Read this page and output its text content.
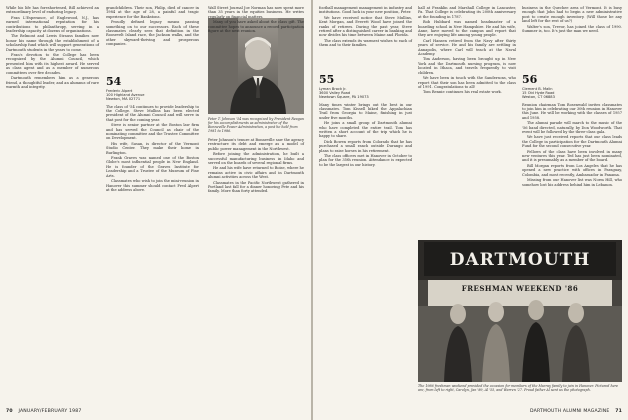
While his life has foreshortened, Bill achieved an extraordinary level of enduring legacy.

Fran L'Esperance, of Englewood, N.J., has earned international reputation for his contributions to philanthropy, serving in a leadership capacity at dozens of organizations.

The Belmont and Lewis Strauss families now honor his name through the establishment of a scholarship fund which will support generations of Dartmouth students in the years to come.

Fran's devotion to the College has been recognized by the Alumni Council, which presented him with its highest award. He served as class agent and as a member of numerous committees over five decades.

Dartmouth remembers him as a generous friend, a thoughtful leader, and an alumnus of rare warmth and integrity.

grandchildren. Their son, Philip, died of cancer in 1984 at the age of 28, a painful and tragic experience for the Bankstons.

Proudly defined legacy means passing something on to our successors. Each of these classmates clearly sees that definition in the Roosevelt Island race, the Jackson walks, and the other skyward-thriving and prosperous companies.

54
Frederic Alpert
100 Highland Avenue
Newton, MA 02771

The class of '54 continues to provide leadership to the College. Steve Mullins has been elected president of the Alumni Council and will serve in that post for the coming year.

Steve is senior partner at the Boston law firm and has served the Council as chair of the nominating committee and the Trustee Committee on Development.

His wife, Susan, is director of the Vermont Studio Center. They make their home in Burlington.

Frank Graves was named one of the Boston Globe's most influential people in New England. He is founder of the Graves Institute for Leadership and a Trustee of the Museum of Fine Arts.

Classmates who wish to join the mini-reunion in Hanover this summer should contact Fred Alpert at the address above.

Peter T. Johnson '54 was recognized by President Reagan for his accomplishments as administrator of the Bonneville Power Administration, a post he held from 1981 to 1986.

Wall Street Journal Joe Norman has now spent more than 35 years in the equities business. He writes regularly on financial matters.

Many of you have asked about the class gift. The committee hopes to announce a record participation figure at the next reunion.

Peter Johnson's tenure at Bonneville saw the agency restructure its debt and emerge as a model of public power management in the Northwest.

Before joining the administration, he built a successful manufacturing business in Idaho and served on the boards of several regional firms.

He and his wife have returned to Boise, where he remains active in civic affairs and in Dartmouth alumni activities across the West.

Classmates in the Pacific Northwest gathered in Portland last fall for a dinner honoring Pete and his family. More than forty attended.

70 JANUARY/FEBRUARY 1987

football management management in industry and institutions. Good luck in your new position, Peter.

We have received notice that Steve Mullins, Kent Morgan, and Everett Wood have joined the ranks of retirees. During the past year, Steve retired after a distinguished career in banking and now divides his time between Maine and Florida.

The class extends its warmest wishes to each of them and to their families.

55
Lyman Brock Jr.
3600 Valley Road
Newtown Square, PA 19073

Many times winter brings out the best in our classmates. Tom Kissell hiked the Appalachian Trail from Georgia to Maine, finishing in just under five months.

He joins a small group of Dartmouth alumni who have completed the entire trail. Tom has written a short account of the trip which he is happy to share.

Dick Bowen reports from Colorado that he has purchased a small ranch outside Durango and plans to raise horses in his retirement.

The class officers met in Hanover in October to plan for the 35th reunion. Attendance is expected to be the largest in our history.

hall at Franklin and Marshall College in Lancaster, Pa. That College is celebrating its 200th anniversary at the founding in 1787.

Bob Hubbard was named headmaster of a boarding school in New Hampshire. He and his wife, Anne, have moved to the campus and report that they are enjoying life among young people.

Carl Hansen retired from the Navy after thirty years of service. He and his family are settling in Annapolis, where Carl will teach at the Naval Academy.

Tim Anderson, having been brought up in New York and the Dartmouth nursing program, is now located in Ithaca, and travels frequently to visit children.

We have been in touch with the Sandersons, who report that their son has been admitted to the class of 1991. Congratulations to all!

Tom Rennie continues his real estate work.

business in the Quechee area of Vermont. It is busy enough that John had to begin a new administrative post to create enough inventory. (Will those be any land left for the rest of us?)

Walter's son, Trevor, has joined the class of 1990. Summer is, too. It's just the man we need.

56
Clement B. Malin
15 Old Hyde Road
Weston, CT 06883

Reunion chairman Tom Rosenwald invites classmates to join him in celebrating our 30th reunion in Hanover this June. He will be working with the classes of 1957 and 1958.

The alumni parade will march to the music of the '56 band directed, naturally, by Don Woodworth. That event will be followed by the three-class gala.

We have just received reports that our class leads the College in participation for the Dartmouth Alumni Fund for the second consecutive year.

Fellows of the class have been involved in many new ventures this year. Ted has just been nominated, and it is presumably as a member of the board.

Bill Morgan reports from Los Angeles that he has opened a new practice with offices in Paraguay, Colombia, and most recently, Ambassador in Panama.

Missing from our Hanover list was Norm Hill, who somehow lost his address behind him in Lebanon.

DARTMOUTH
FRESHMAN WEEKEND '86
The 1986 freshman weekend provided the occasion for members of the Murray family to join in Hanover. Pictured here are, from left to right, Carolyn, Jan '89, Al '55, and Warren '27. Proud father Al sent us the photograph.
DARTMOUTH ALUMNI MAGAZINE 71
